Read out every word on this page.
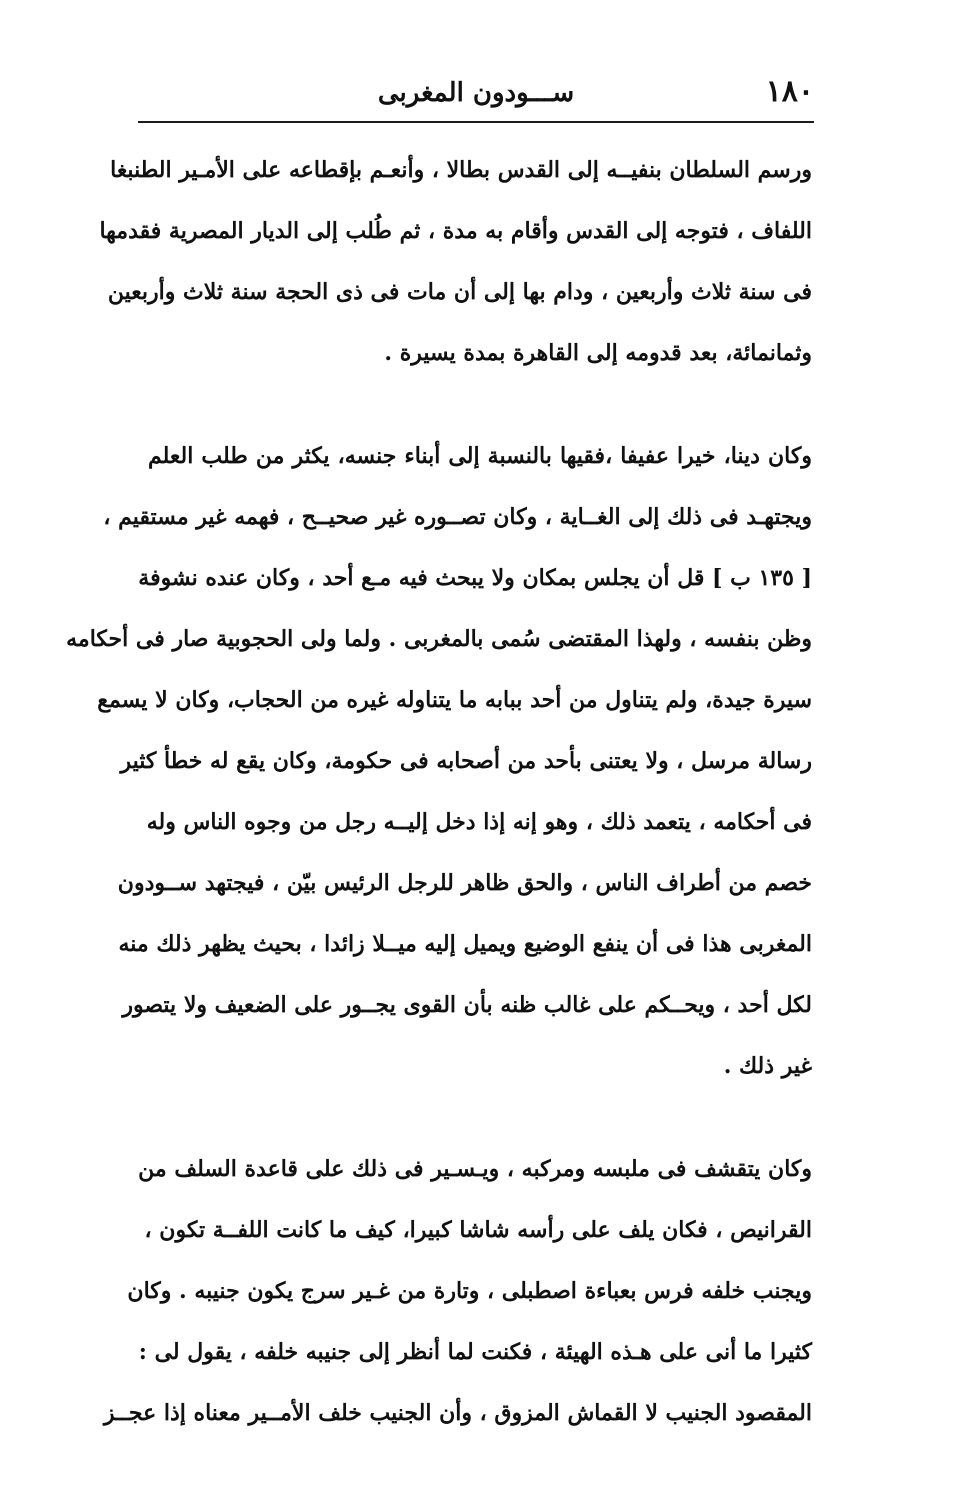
١٨٠
ســـودون المغربى
ورسم السلطان بنفيــه إلى القدس بطالا ، وأنعـم بإقطاعه على الأمـير الطنبغا
اللفاف ، فتوجه إلى القدس وأقام به مدة ، ثم طُلب إلى الديار المصرية فقدمها
فى سنة ثلاث وأربعين ، ودام بها إلى أن مات فى ذى الحجة سنة ثلاث وأربعين
وثمانمائة، بعد قدومه إلى القاهرة بمدة يسيرة .
وكان دينا، خيرا عفيفا ،فقيها بالنسبة إلى أبناء جنسه، يكثر من طلب العلم
ويجتهـد فى ذلك إلى الغــاية ، وكان تصــوره غير صحيــح ، فهمه غير مستقيم ،
[ ١٣٥ ب ] قل أن يجلس بمكان ولا يبحث فيه مـع أحد ، وكان عنده نشوفة
وظن بنفسه ، ولهذا المقتضى سُمى بالمغربى . ولما ولى الحجوبية صار فى أحكامه
سيرة جيدة، ولم يتناول من أحد ببابه ما يتناوله غيره من الحجاب، وكان لا يسمع
رسالة مرسل ، ولا يعتنى بأحد من أصحابه فى حكومة، وكان يقع له خطأ كثير
فى أحكامه ، يتعمد ذلك ، وهو إنه إذا دخل إليــه رجل من وجوه الناس وله
خصم من أطراف الناس ، والحق ظاهر للرجل الرئيس بيّن ، فيجتهد ســودون
المغربى هذا فى أن ينفع الوضيع ويميل إليه ميــلا زائدا ، بحيث يظهر ذلك منه
لكل أحد ، ويحــكم على غالب ظنه بأن القوى يجــور على الضعيف ولا يتصور
غير ذلك .
وكان يتقشف فى ملبسه ومركبه ، ويـسـير فى ذلك على قاعدة السلف من
القرانيص ، فكان يلف على رأسه شاشا كبيرا، كيف ما كانت اللفــة تكون ،
ويجنب خلفه فرس بعباءة اصطبلى ، وتارة من غـير سرج يكون جنيبه . وكان
كثيرا ما أنى على هـذه الهيئة ، فكنت لما أنظر إلى جنيبه خلفه ، يقول لى :
المقصود الجنيب لا القماش المزوق ، وأن الجنيب خلف الأمــير معناه إذا عجــز
